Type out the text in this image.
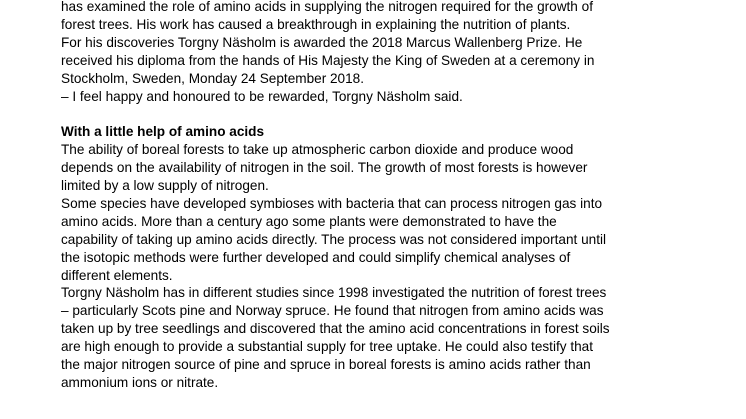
has examined the role of amino acids in supplying the nitrogen required for the growth of
forest trees. His work has caused a breakthrough in explaining the nutrition of plants.
For his discoveries Torgny Näsholm is awarded the 2018 Marcus Wallenberg Prize. He
received his diploma from the hands of His Majesty the King of Sweden at a ceremony in
Stockholm, Sweden, Monday 24 September 2018.
– I feel happy and honoured to be rewarded, Torgny Näsholm said.
With a little help of amino acids
The ability of boreal forests to take up atmospheric carbon dioxide and produce wood
depends on the availability of nitrogen in the soil. The growth of most forests is however
limited by a low supply of nitrogen.
Some species have developed symbioses with bacteria that can process nitrogen gas into
amino acids. More than a century ago some plants were demonstrated to have the
capability of taking up amino acids directly. The process was not considered important until
the isotopic methods were further developed and could simplify chemical analyses of
different elements.
Torgny Näsholm has in different studies since 1998 investigated the nutrition of forest trees
– particularly Scots pine and Norway spruce. He found that nitrogen from amino acids was
taken up by tree seedlings and discovered that the amino acid concentrations in forest soils
are high enough to provide a substantial supply for tree uptake. He could also testify that
the major nitrogen source of pine and spruce in boreal forests is amino acids rather than
ammonium ions or nitrate.
